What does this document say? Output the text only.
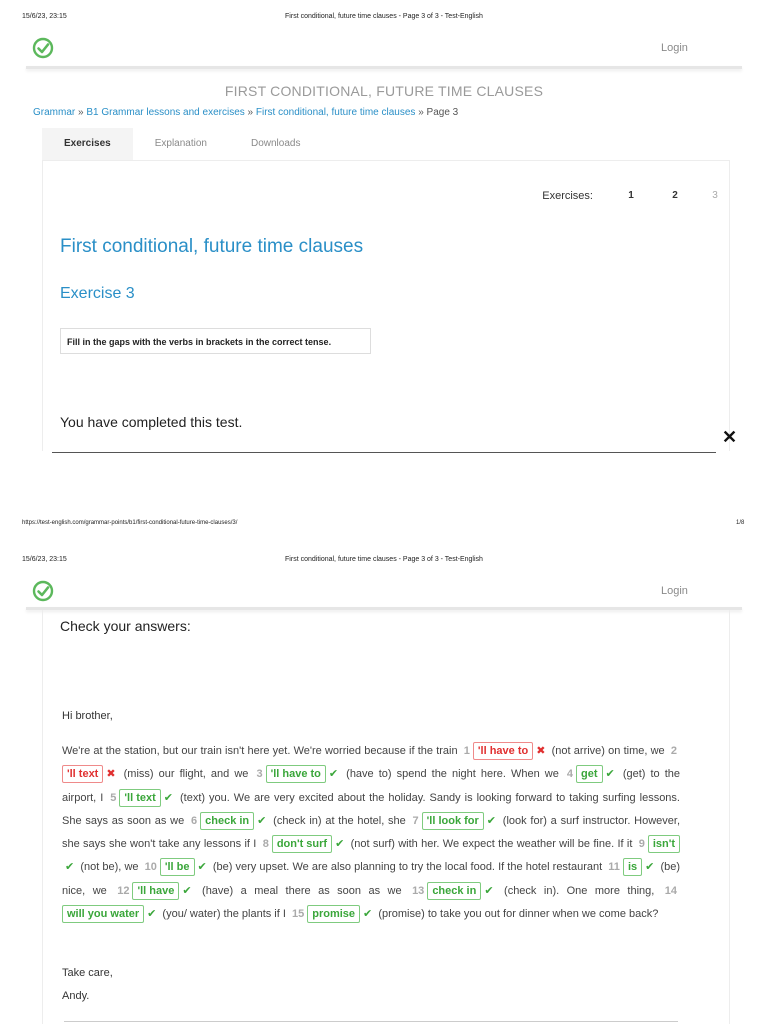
15/6/23, 23:15	First conditional, future time clauses - Page 3 of 3 - Test-English
Login
FIRST CONDITIONAL, FUTURE TIME CLAUSES
Grammar » B1 Grammar lessons and exercises » First conditional, future time clauses » Page 3
Exercises	Explanation	Downloads
Exercises:	1	2	3
First conditional, future time clauses
Exercise 3
Fill in the gaps with the verbs in brackets in the correct tense.
You have completed this test.
✕
https://test-english.com/grammar-points/b1/first-conditional-future-time-clauses/3/	1/8
15/6/23, 23:15	First conditional, future time clauses - Page 3 of 3 - Test-English
Login
Check your answers:
Hi brother,
We're at the station, but our train isn't here yet. We're worried because if the train 1 'll have to ✖ (not arrive) on time, we 2'll text ✖ (miss) our flight, and we 3 'll have to ✔ (have to) spend the night here. When we 4 get ✔ (get) to the airport, I 5 'll text ✔ (text) you. We are very excited about the holiday. Sandy is looking forward to taking surfing lessons. She says as soon as we 6 check in ✔ (check in) at the hotel, she 7 'll look for ✔ (look for) a surf instructor. However, she says she won't take any lessons if I 8 don't surf ✔ (not surf) with her. We expect the weather will be fine. If it 9 isn't✔ (not be), we 10 'll be ✔ (be) very upset. We are also planning to try the local food. If the hotel restaurant 11 is ✔ (be) nice, we 12 'll have ✔ (have) a meal there as soon as we 13 check in ✔ (check in). One more thing, 14will you water ✔ (you/ water) the plants if I 15 promise ✔ (promise) to take you out for dinner when we come back?
Take care,
Andy.
